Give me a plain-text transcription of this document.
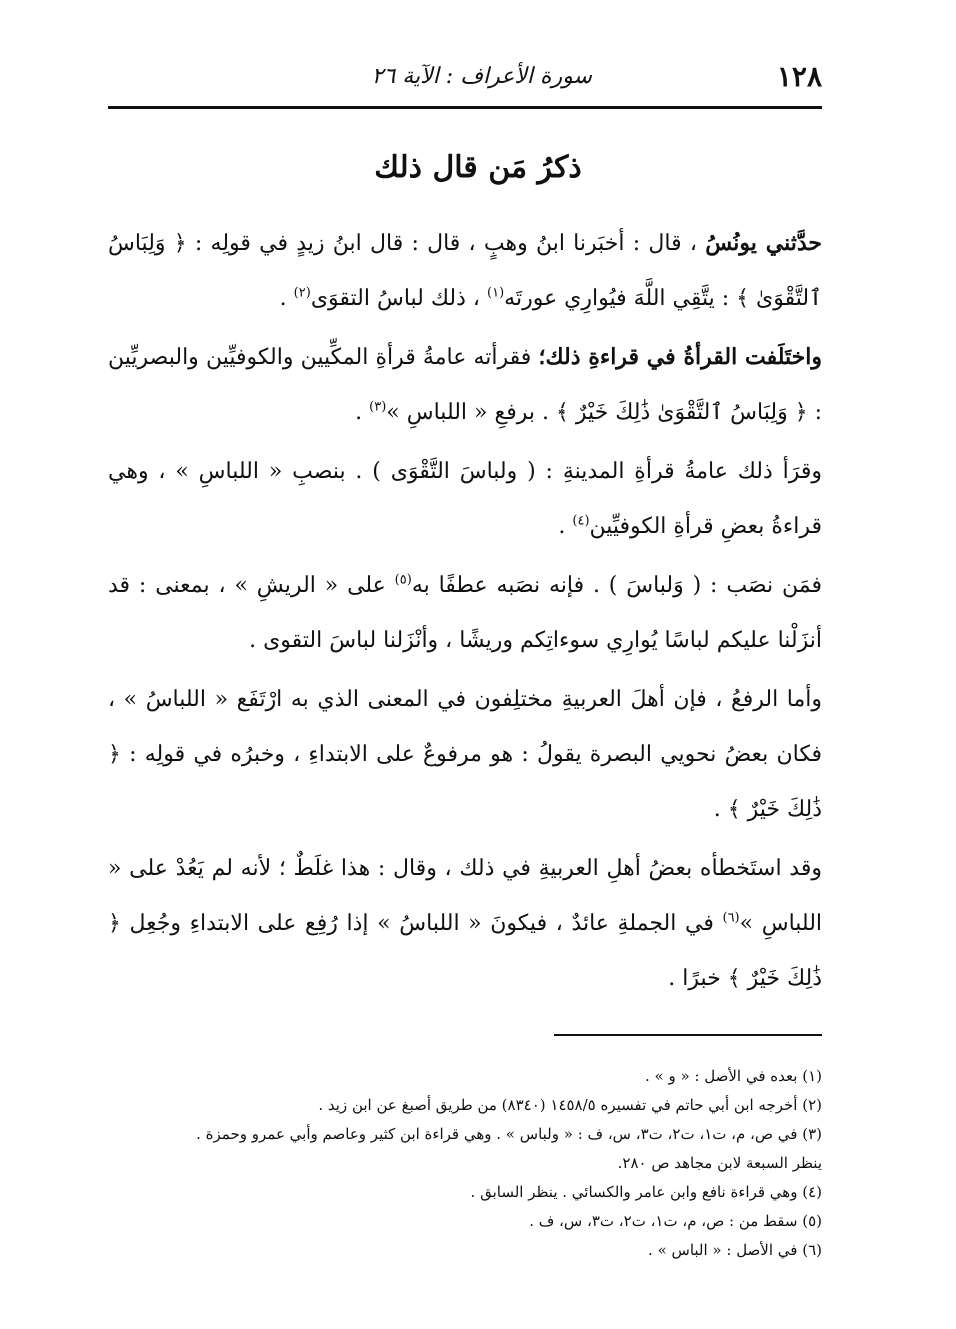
١٢٨
سورة الأعراف : الآية ٢٦
ذكرُ مَن قال ذلك

حدَّثني يونُسُ ، قال : أخبَرنا ابنُ وهبٍ ، قال : قال ابنُ زيدٍ في قولِه : ﴿ وَلِبَاسُ ٱلتَّقْوَىٰ ﴾ : يتَّقِي اللَّهَ فيُوارِي عورتَه$^{(١)}$ ، ذلك لباسُ التقوَى$^{(٢)}$ .

واختَلَفت القرأةُ في قراءةِ ذلك؛ فقرأته عامةُ قرأةِ المكِّيين والكوفيِّين والبصريِّين : ﴿ وَلِبَاسُ ٱلتَّقْوَىٰ ذَٰلِكَ خَيْرٌ ﴾ . برفعِ « اللباسِ »$^{(٣)}$ .

وقرَأ ذلك عامةُ قرأةِ المدينةِ : ( ولباسَ التَّقْوَى ) . بنصبِ « اللباسِ » ، وهي قراءةُ بعضِ قرأةِ الكوفيِّين$^{(٤)}$ .

فمَن نصَب : ( وَلباسَ ) . فإنه نصَبه عطفًا به$^{(٥)}$ على « الريشِ » ، بمعنى : قد أنزَلْنا عليكم لباسًا يُوارِي سوءاتِكم وريشًا ، وأنْزَلنا لباسَ التقوى .

وأما الرفعُ ، فإن أهلَ العربيةِ مختلِفون في المعنى الذي به ارْتَفَع « اللباسُ » ، فكان بعضُ نحويي البصرة يقولُ : هو مرفوعٌ على الابتداءِ ، وخبرُه في قولِه : ﴿ ذَٰلِكَ خَيْرٌ ﴾ .

وقد استَخطأه بعضُ أهلِ العربيةِ في ذلك ، وقال : هذا غلَطٌ ؛ لأنه لم يَعُدْ على « اللباسِ »$^{(٦)}$ في الجملةِ عائدٌ ، فيكونَ « اللباسُ » إذا رُفِع على الابتداءِ وجُعِل ﴿ ذَٰلِكَ خَيْرٌ ﴾ خبرًا .

(١) بعده في الأصل : « و » .

(٢) أخرجه ابن أبي حاتم في تفسيره ١٤٥٨/٥ (٨٣٤٠) من طريق أصبغ عن ابن زيد .

(٣) في ص، م، ت١، ت٢، ت٣، س، ف : « ولباس » . وهي قراءة ابن كثير وعاصم وأبي عمرو وحمزة .

ينظر السبعة لابن مجاهد ص ٢٨٠.

(٤) وهي قراءة نافع وابن عامر والكسائي . ينظر السابق .

(٥) سقط من : ص، م، ت١، ت٢، ت٣، س، ف .

(٦) في الأصل : « الباس » .
